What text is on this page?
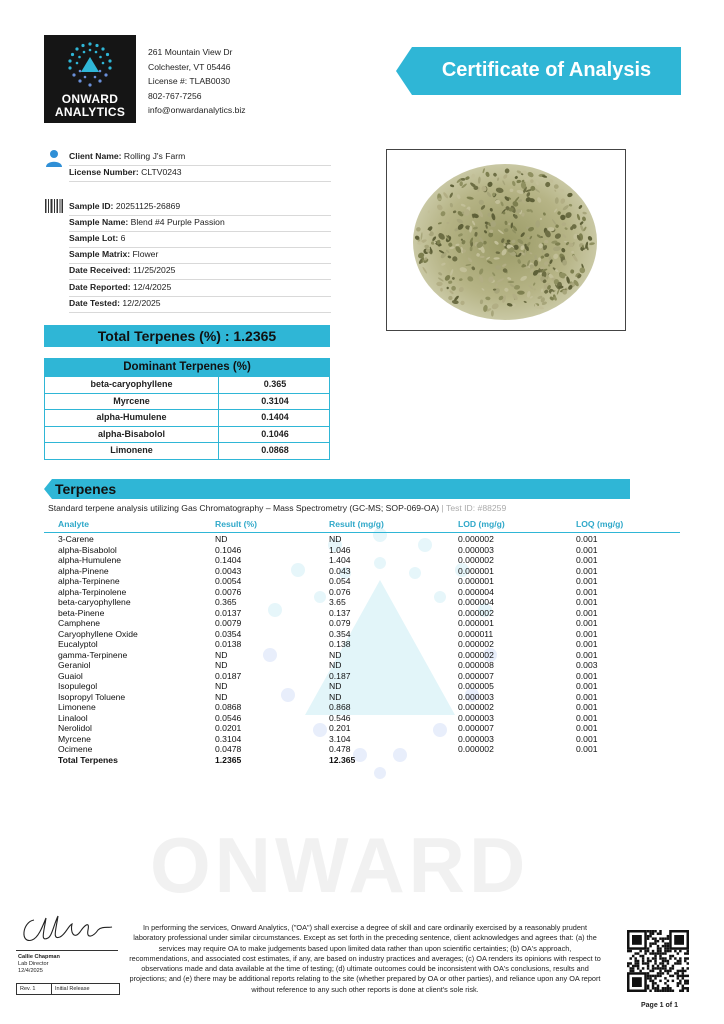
ONWARD
ANALYTICS
261 Mountain View Dr
Colchester, VT 05446
License #: TLAB0030
802-767-7256
info@onwardanalytics.biz
Certificate of Analysis
Client Name: Rolling J's Farm
License Number: CLTV0243
Sample ID: 20251125-26869
Sample Name: Blend #4 Purple Passion
Sample Lot: 6
Sample Matrix: Flower
Date Received: 11/25/2025
Date Reported: 12/4/2025
Date Tested: 12/2/2025
Total Terpenes (%) : 1.2365
Dominant Terpenes (%)
beta-caryophyllene	0.365
Myrcene	0.3104
alpha-Humulene	0.1404
alpha-Bisabolol	0.1046
Limonene	0.0868
ONWARD
Terpenes
Standard terpene analysis utilizing Gas Chromatography – Mass Spectrometry (GC-MS; SOP-069-OA) | Test ID: #88259
Analyte	Result (%)	Result (mg/g)	LOD (mg/g)	LOQ (mg/g)
3-Carene	ND	ND	0.000002	0.001
alpha-Bisabolol	0.1046	1.046	0.000003	0.001
alpha-Humulene	0.1404	1.404	0.000002	0.001
alpha-Pinene	0.0043	0.043	0.000001	0.001
alpha-Terpinene	0.0054	0.054	0.000001	0.001
alpha-Terpinolene	0.0076	0.076	0.000004	0.001
beta-caryophyllene	0.365	3.65	0.000004	0.001
beta-Pinene	0.0137	0.137	0.000002	0.001
Camphene	0.0079	0.079	0.000001	0.001
Caryophyllene Oxide	0.0354	0.354	0.000011	0.001
Eucalyptol	0.0138	0.138	0.000002	0.001
gamma-Terpinene	ND	ND	0.000002	0.001
Geraniol	ND	ND	0.000008	0.003
Guaiol	0.0187	0.187	0.000007	0.001
Isopulegol	ND	ND	0.000005	0.001
Isopropyl Toluene	ND	ND	0.000003	0.001
Limonene	0.0868	0.868	0.000002	0.001
Linalool	0.0546	0.546	0.000003	0.001
Nerolidol	0.0201	0.201	0.000007	0.001
Myrcene	0.3104	3.104	0.000003	0.001
Ocimene	0.0478	0.478	0.000002	0.001
Total Terpenes	1.2365	12.365
Callie Chapman
Lab Director
12/4/2025
Rev. 1	Initial Release
In performing the services, Onward Analytics, ("OA") shall exercise a degree of skill and care ordinarily exercised by a reasonably prudent laboratory professional under similar circumstances. Except as set forth in the preceding sentence, client acknowledges and agrees that: (a) the services may require OA to make judgements based upon limited data rather than upon scientific certainties; (b) OA's approach, recommendations, and associated cost estimates, if any, are based on industry practices and averages; (c) OA renders its opinions with respect to observations made and data available at the time of testing; (d) ultimate outcomes could be inconsistent with OA's conclusions, results and projections; and (e) there may be additional reports relating to the site (whether prepared by OA or other parties), and reliance upon any OA report without reference to any such other reports is done at client's sole risk.
Page 1 of 1
